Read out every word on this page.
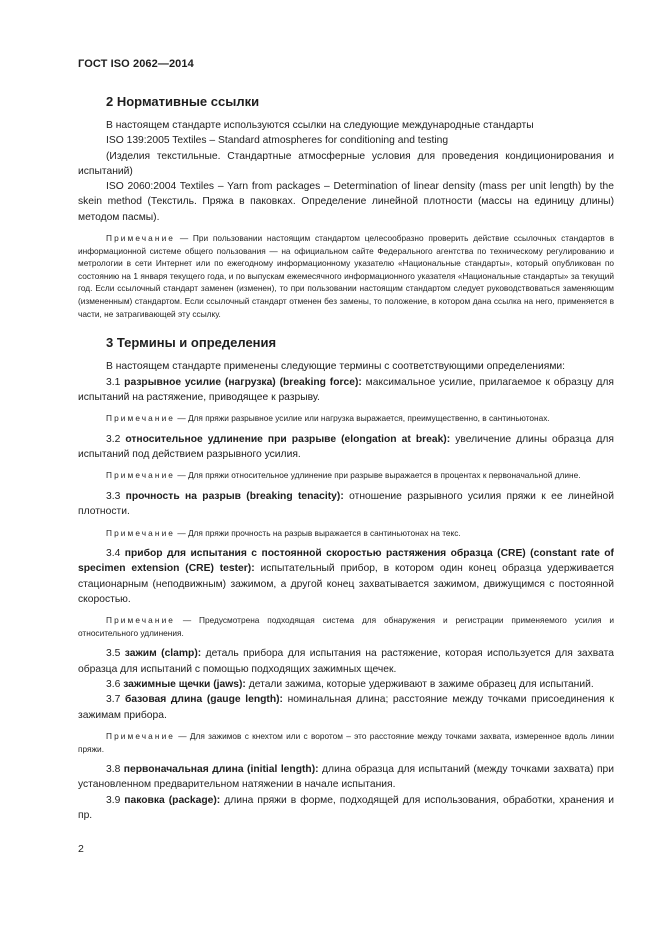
ГОСТ ISO 2062—2014
2 Нормативные ссылки

В настоящем стандарте используются ссылки на следующие международные стандарты

ISO 139:2005 Textiles – Standard atmospheres for conditioning and testing

(Изделия текстильные. Стандартные атмосферные условия для проведения кондиционирования и испытаний)

ISO 2060:2004 Textiles – Yarn from packages – Determination of linear density (mass per unit length) by the skein method (Текстиль. Пряжа в паковках. Определение линейной плотности (массы на единицу длины) методом пасмы).

Примечание — При пользовании настоящим стандартом целесообразно проверить действие ссылочных стандартов в информационной системе общего пользования — на официальном сайте Федерального агентства по техническому регулированию и метрологии в сети Интернет или по ежегодному информационному указателю «Национальные стандарты», который опубликован по состоянию на 1 января текущего года, и по выпускам ежемесячного информационного указателя «Национальные стандарты» за текущий год. Если ссылочный стандарт заменен (изменен), то при пользовании настоящим стандартом следует руководствоваться заменяющим (измененным) стандартом. Если ссылочный стандарт отменен без замены, то положение, в котором дана ссылка на него, применяется в части, не затрагивающей эту ссылку.

3 Термины и определения

В настоящем стандарте применены следующие термины с соответствующими определениями:

3.1 разрывное усилие (нагрузка) (breaking force): максимальное усилие, прилагаемое к образцу для испытаний на растяжение, приводящее к разрыву.

Примечание — Для пряжи разрывное усилие или нагрузка выражается, преимущественно, в сантиньютонах.

3.2 относительное удлинение при разрыве (elongation at break): увеличение длины образца для испытаний под действием разрывного усилия.

Примечание — Для пряжи относительное удлинение при разрыве выражается в процентах к первоначальной длине.

3.3 прочность на разрыв (breaking tenacity): отношение разрывного усилия пряжи к ее линейной плотности.

Примечание — Для пряжи прочность на разрыв выражается в сантиньютонах на текс.

3.4 прибор для испытания с постоянной скоростью растяжения образца (CRE) (constant rate of specimen extension (CRE) tester): испытательный прибор, в котором один конец образца удерживается стационарным (неподвижным) зажимом, а другой конец захватывается зажимом, движущимся с постоянной скоростью.

Примечание — Предусмотрена подходящая система для обнаружения и регистрации применяемого усилия и относительного удлинения.

3.5 зажим (clamp): деталь прибора для испытания на растяжение, которая используется для захвата образца для испытаний с помощью подходящих зажимных щечек.

3.6 зажимные щечки (jaws): детали зажима, которые удерживают в зажиме образец для испытаний.

3.7 базовая длина (gauge length): номинальная длина; расстояние между точками присоединения к зажимам прибора.

Примечание — Для зажимов с кнехтом или с воротом – это расстояние между точками захвата, измеренное вдоль линии пряжи.

3.8 первоначальная длина (initial length): длина образца для испытаний (между точками захвата) при установленном предварительном натяжении в начале испытания.

3.9 паковка (package): длина пряжи в форме, подходящей для использования, обработки, хранения и пр.

2
